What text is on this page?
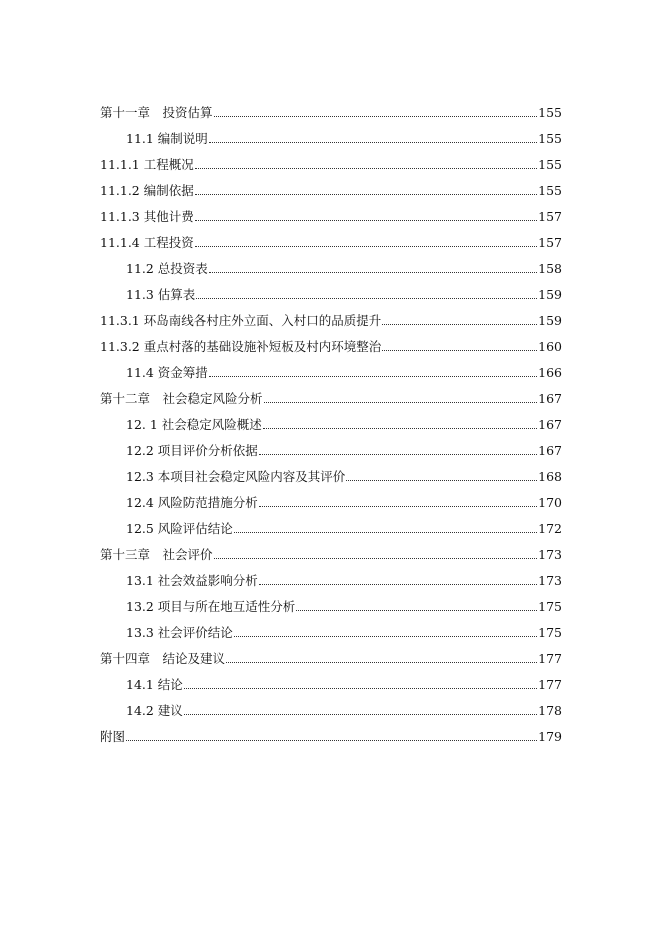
第十一章　投资估算	155
11.1 编制说明	155
11.1.1 工程概况	155
11.1.2 编制依据	155
11.1.3 其他计费	157
11.1.4 工程投资	157
11.2 总投资表	158
11.3 估算表	159
11.3.1 环岛南线各村庄外立面、入村口的品质提升	159
11.3.2 重点村落的基础设施补短板及村内环境整治	160
11.4 资金筹措	166
第十二章　社会稳定风险分析	167
12. 1 社会稳定风险概述	167
12.2 项目评价分析依据	167
12.3 本项目社会稳定风险内容及其评价	168
12.4 风险防范措施分析	170
12.5 风险评估结论	172
第十三章　社会评价	173
13.1 社会效益影响分析	173
13.2 项目与所在地互适性分析	175
13.3 社会评价结论	175
第十四章　结论及建议	177
14.1 结论	177
14.2 建议	178
附图	179
